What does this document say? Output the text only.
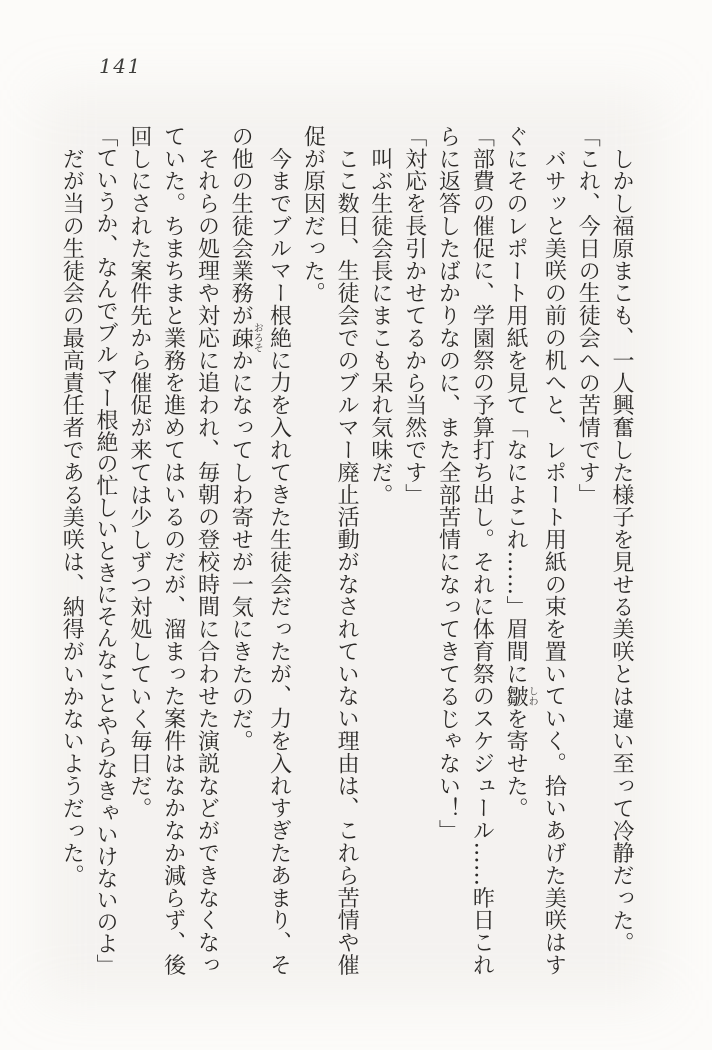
141
　しかし福原まこも、一人興奮した様子を見せる美咲とは違い至って冷静だった。
「これ、今日の生徒会への苦情です」
　バサッと美咲の前の机へと、レポート用紙の束を置いていく。拾いあげた美咲はす
ぐにそのレポート用紙を見て「なによこれ……」眉間に皺しわを寄せた。
「部費の催促に、学園祭の予算打ち出し。それに体育祭のスケジュール……昨日これ
らに返答したばかりなのに、また全部苦情になってきてるじゃない！」
「対応を長引かせてるから当然です」
　叫ぶ生徒会長にまこも呆れ気味だ。
　ここ数日、生徒会でのブルマー廃止活動がなされていない理由は、これら苦情や催
促が原因だった。
　今までブルマー根絶に力を入れてきた生徒会だったが、力を入れすぎたあまり、そ
の他の生徒会業務が疎おろそかになってしわ寄せが一気にきたのだ。
　それらの処理や対応に追われ、毎朝の登校時間に合わせた演説などができなくなっ
ていた。ちまちまと業務を進めてはいるのだが、溜まった案件はなかなか減らず、後
回しにされた案件先から催促が来ては少しずつ対処していく毎日だ。
「ていうか、なんでブルマー根絶の忙しいときにそんなことやらなきゃいけないのよ」
　だが当の生徒会の最高責任者である美咲は、納得がいかないようだった。
